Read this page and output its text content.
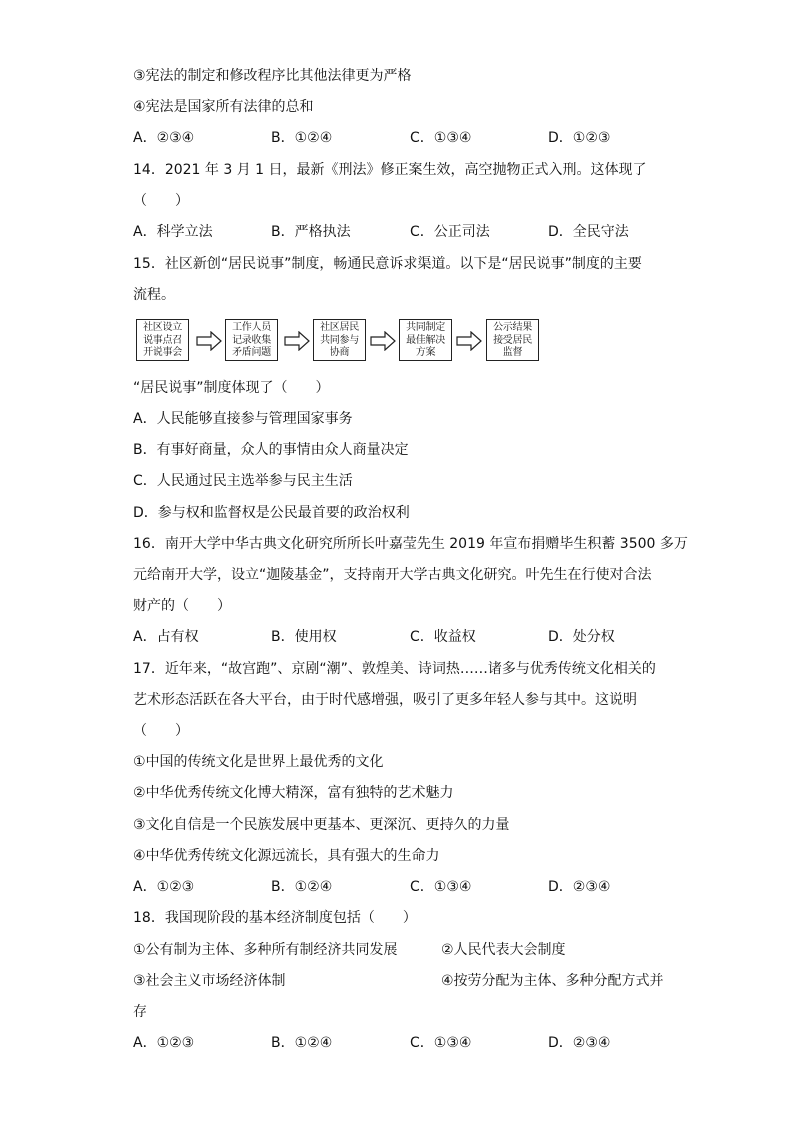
③宪法的制定和修改程序比其他法律更为严格
④宪法是国家所有法律的总和
A．②③④	B．①②④	C．①③④	D．①②③
14．2021 年 3 月 1 日，最新《刑法》修正案生效，高空抛物正式入刑。这体现了
（　　）
A．科学立法	B．严格执法	C．公正司法	D．全民守法
15．社区新创“居民说事”制度，畅通民意诉求渠道。以下是“居民说事”制度的主要
流程。
社区设立
说事点召
开说事会
工作人员
记录收集
矛盾问题
社区居民
共同参与
协商
共同制定
最佳解决
方案
公示结果
接受居民
监督
“居民说事”制度体现了（　　）
A．人民能够直接参与管理国家事务
B．有事好商量，众人的事情由众人商量决定
C．人民通过民主选举参与民主生活
D．参与权和监督权是公民最首要的政治权利
16．南开大学中华古典文化研究所所长叶嘉莹先生 2019 年宣布捐赠毕生积蓄 3500 多万
元给南开大学，设立“迦陵基金”，支持南开大学古典文化研究。叶先生在行使对合法
财产的（　　）
A．占有权	B．使用权	C．收益权	D．处分权
17．近年来，“故宫跑”、京剧“潮”、敦煌美、诗词热……诸多与优秀传统文化相关的
艺术形态活跃在各大平台，由于时代感增强，吸引了更多年轻人参与其中。这说明
（　　）
①中国的传统文化是世界上最优秀的文化
②中华优秀传统文化博大精深，富有独特的艺术魅力
③文化自信是一个民族发展中更基本、更深沉、更持久的力量
④中华优秀传统文化源远流长，具有强大的生命力
A．①②③	B．①②④	C．①③④	D．②③④
18．我国现阶段的基本经济制度包括（　　）
①公有制为主体、多种所有制经济共同发展	②人民代表大会制度
③社会主义市场经济体制	④按劳分配为主体、多种分配方式并
存
A．①②③	B．①②④	C．①③④	D．②③④
